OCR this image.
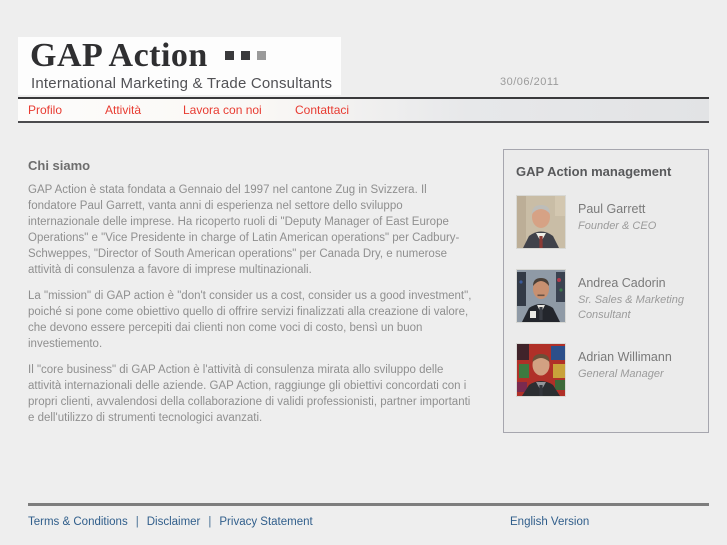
GAP Action
International Marketing & Trade Consultants	30/06/2011
Profilo	Attività	Lavora con noi	Contattaci
Chi siamo

GAP Action è stata fondata a Gennaio del 1997 nel cantone Zug in Svizzera. Il fondatore Paul Garrett, vanta anni di esperienza nel settore dello sviluppo internazionale delle imprese. Ha ricoperto ruoli di "Deputy Manager of East Europe Operations" e "Vice Presidente in charge of Latin American operations" per Cadbury-Schweppes, "Director of South American operations" per Canada Dry, e numerose attività di consulenza a favore di imprese multinazionali.

La "mission" di GAP action è "don't consider us a cost, consider us a good investment", poiché si pone come obiettivo quello di offrire servizi finalizzati alla creazione di valore, che devono essere percepiti dai clienti non come voci di costo, bensì un buon investiemento.

Il "core business" di GAP Action è l'attività di consulenza mirata allo sviluppo delle attività internazionali delle aziende. GAP Action, raggiunge gli obiettivi concordati con i propri clienti, avvalendosi della collaborazione di validi professionisti, partner importanti e dell'utilizzo di strumenti tecnologici avanzati.

GAP Action management
Paul Garrett
Founder & CEO
Andrea Cadorin
Sr. Sales & Marketing Consultant
Adrian Willimann
General Manager
Terms & Conditions | Disclaimer | Privacy Statement	English Version
